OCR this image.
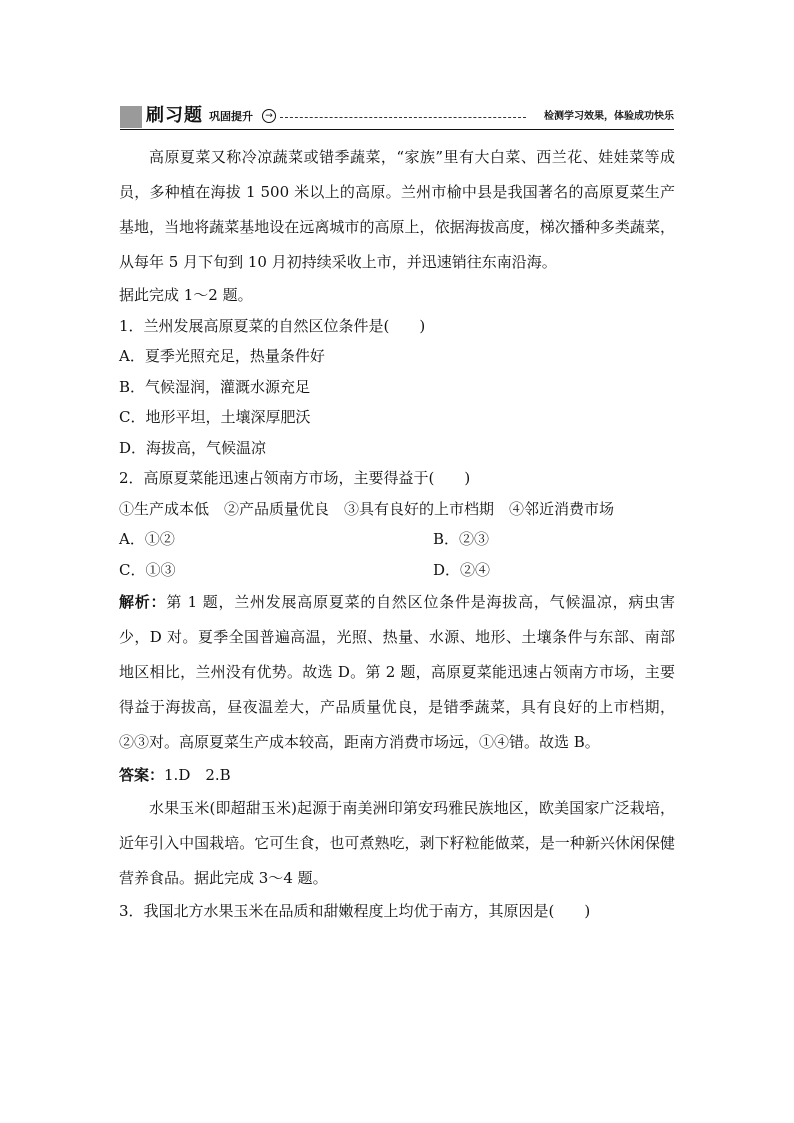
刷习题 巩固提升	→	检测学习效果，体验成功快乐

高原夏菜又称冷凉蔬菜或错季蔬菜，“家族”里有大白菜、西兰花、娃娃菜等成员，多种植在海拔 1 500 米以上的高原。兰州市榆中县是我国著名的高原夏菜生产基地，当地将蔬菜基地设在远离城市的高原上，依据海拔高度，梯次播种多类蔬菜，从每年 5 月下旬到 10 月初持续采收上市，并迅速销往东南沿海。

据此完成 1～2 题。

1．兰州发展高原夏菜的自然区位条件是(　　)

A．夏季光照充足，热量条件好

B．气候湿润，灌溉水源充足

C．地形平坦，土壤深厚肥沃

D．海拔高，气候温凉

2．高原夏菜能迅速占领南方市场，主要得益于(　　)

①生产成本低　②产品质量优良　③具有良好的上市档期　④邻近消费市场

A．①②	B．②③
C．①③	D．②④

解析：第 1 题，兰州发展高原夏菜的自然区位条件是海拔高，气候温凉，病虫害少，D 对。夏季全国普遍高温，光照、热量、水源、地形、土壤条件与东部、南部地区相比，兰州没有优势。故选 D。第 2 题，高原夏菜能迅速占领南方市场，主要得益于海拔高，昼夜温差大，产品质量优良，是错季蔬菜，具有良好的上市档期，②③对。高原夏菜生产成本较高，距南方消费市场远，①④错。故选 B。

答案：1.D　2.B

水果玉米(即超甜玉米)起源于南美洲印第安玛雅民族地区，欧美国家广泛栽培，近年引入中国栽培。它可生食，也可煮熟吃，剥下籽粒能做菜，是一种新兴休闲保健营养食品。据此完成 3～4 题。

3．我国北方水果玉米在品质和甜嫩程度上均优于南方，其原因是(　　)
